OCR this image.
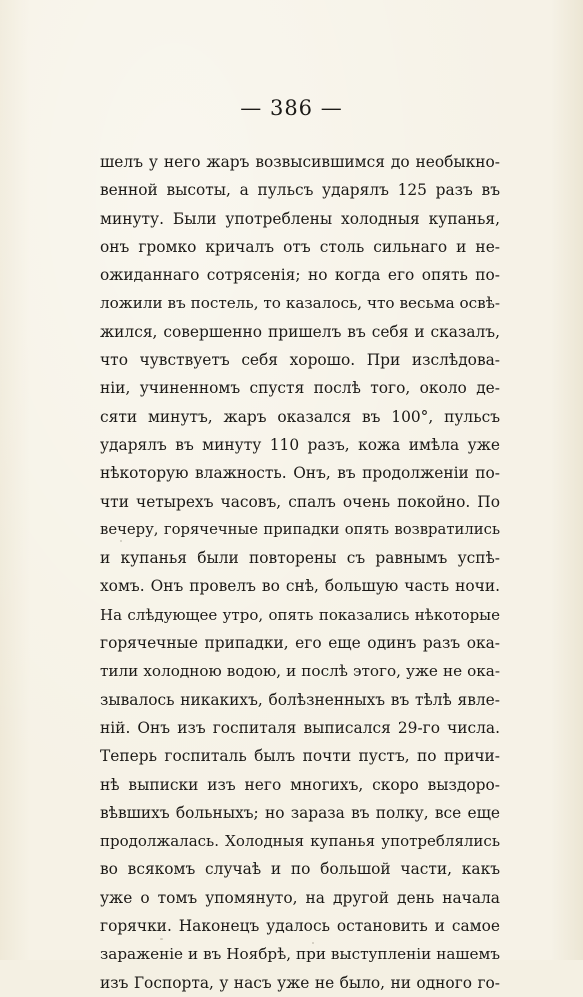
— 386 —
шелъ у него жаръ возвысившимся до необыкно-
венной высоты, а пульсъ ударялъ 125 разъ въ
минуту. Были употреблены холодныя купанья,
онъ громко кричалъ отъ столь сильнаго и не-
ожиданнаго сотрясенія; но когда его опять по-
ложили въ постель, то казалось, что весьма освѣ-
жился, совершенно пришелъ въ себя и сказалъ,
что чувствуетъ себя хорошо. При изслѣдова-
ніи, учиненномъ спустя послѣ того, около де-
сяти минутъ, жаръ оказался въ 100°, пульсъ
ударялъ въ минуту 110 разъ, кожа имѣла уже
нѣкоторую влажность. Онъ, въ продолженіи по-
чти четырехъ часовъ, спалъ очень покойно. По
вечеру, горячечные припадки опять возвратились
и купанья были повторены съ равнымъ успѣ-
хомъ. Онъ провелъ во снѣ, большую часть ночи.
На слѣдующее утро, опять показались нѣкоторые
горячечные припадки, его еще одинъ разъ ока-
тили холодною водою, и послѣ этого, уже не ока-
зывалось никакихъ, болѣзненныхъ въ тѣлѣ явле-
ній. Онъ изъ госпиталя выписался 29-го числа.
Теперь госпиталь былъ почти пустъ, по причи-
нѣ выписки изъ него многихъ, скоро выздоро-
вѣвшихъ больныхъ; но зараза въ полку, все еще
продолжалась. Холодныя купанья употреблялись
во всякомъ случаѣ и по большой части, какъ
уже о томъ упомянуто, на другой день начала
горячки. Наконецъ удалось остановить и самое
зараженіе и въ Ноябрѣ, при выступленіи нашемъ
изъ Госпорта, у насъ уже не было, ни одного го-
